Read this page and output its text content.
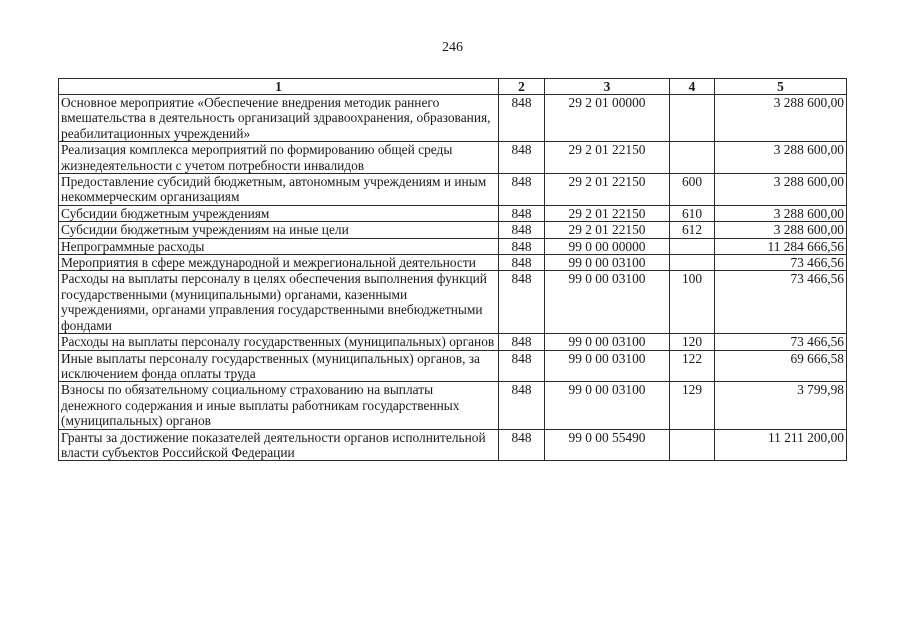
246
1	2	3	4	5
Основное мероприятие «Обеспечение внедрения методик раннего вмешательства в деятельность организаций здравоохранения, образования, реабилитационных учреждений»	848	29 2 01 00000		3 288 600,00
Реализация комплекса мероприятий по формированию общей среды жизнедеятельности с учетом потребности инвалидов	848	29 2 01 22150		3 288 600,00
Предоставление субсидий бюджетным, автономным учреждениям и иным некоммерческим организациям	848	29 2 01 22150	600	3 288 600,00
Субсидии бюджетным учреждениям	848	29 2 01 22150	610	3 288 600,00
Субсидии бюджетным учреждениям на иные цели	848	29 2 01 22150	612	3 288 600,00
Непрограммные расходы	848	99 0 00 00000		11 284 666,56
Мероприятия в сфере международной и межрегиональной деятельности	848	99 0 00 03100		73 466,56
Расходы на выплаты персоналу в целях обеспечения выполнения функций государственными (муниципальными) органами, казенными учреждениями, органами управления государственными внебюджетными фондами	848	99 0 00 03100	100	73 466,56
Расходы на выплаты персоналу государственных (муниципальных) органов	848	99 0 00 03100	120	73 466,56
Иные выплаты персоналу государственных (муниципальных) органов, за исключением фонда оплаты труда	848	99 0 00 03100	122	69 666,58
Взносы по обязательному социальному страхованию на выплаты денежного содержания и иные выплаты работникам государственных (муниципальных) органов	848	99 0 00 03100	129	3 799,98
Гранты за достижение показателей деятельности органов исполнительной власти субъектов Российской Федерации	848	99 0 00 55490		11 211 200,00
